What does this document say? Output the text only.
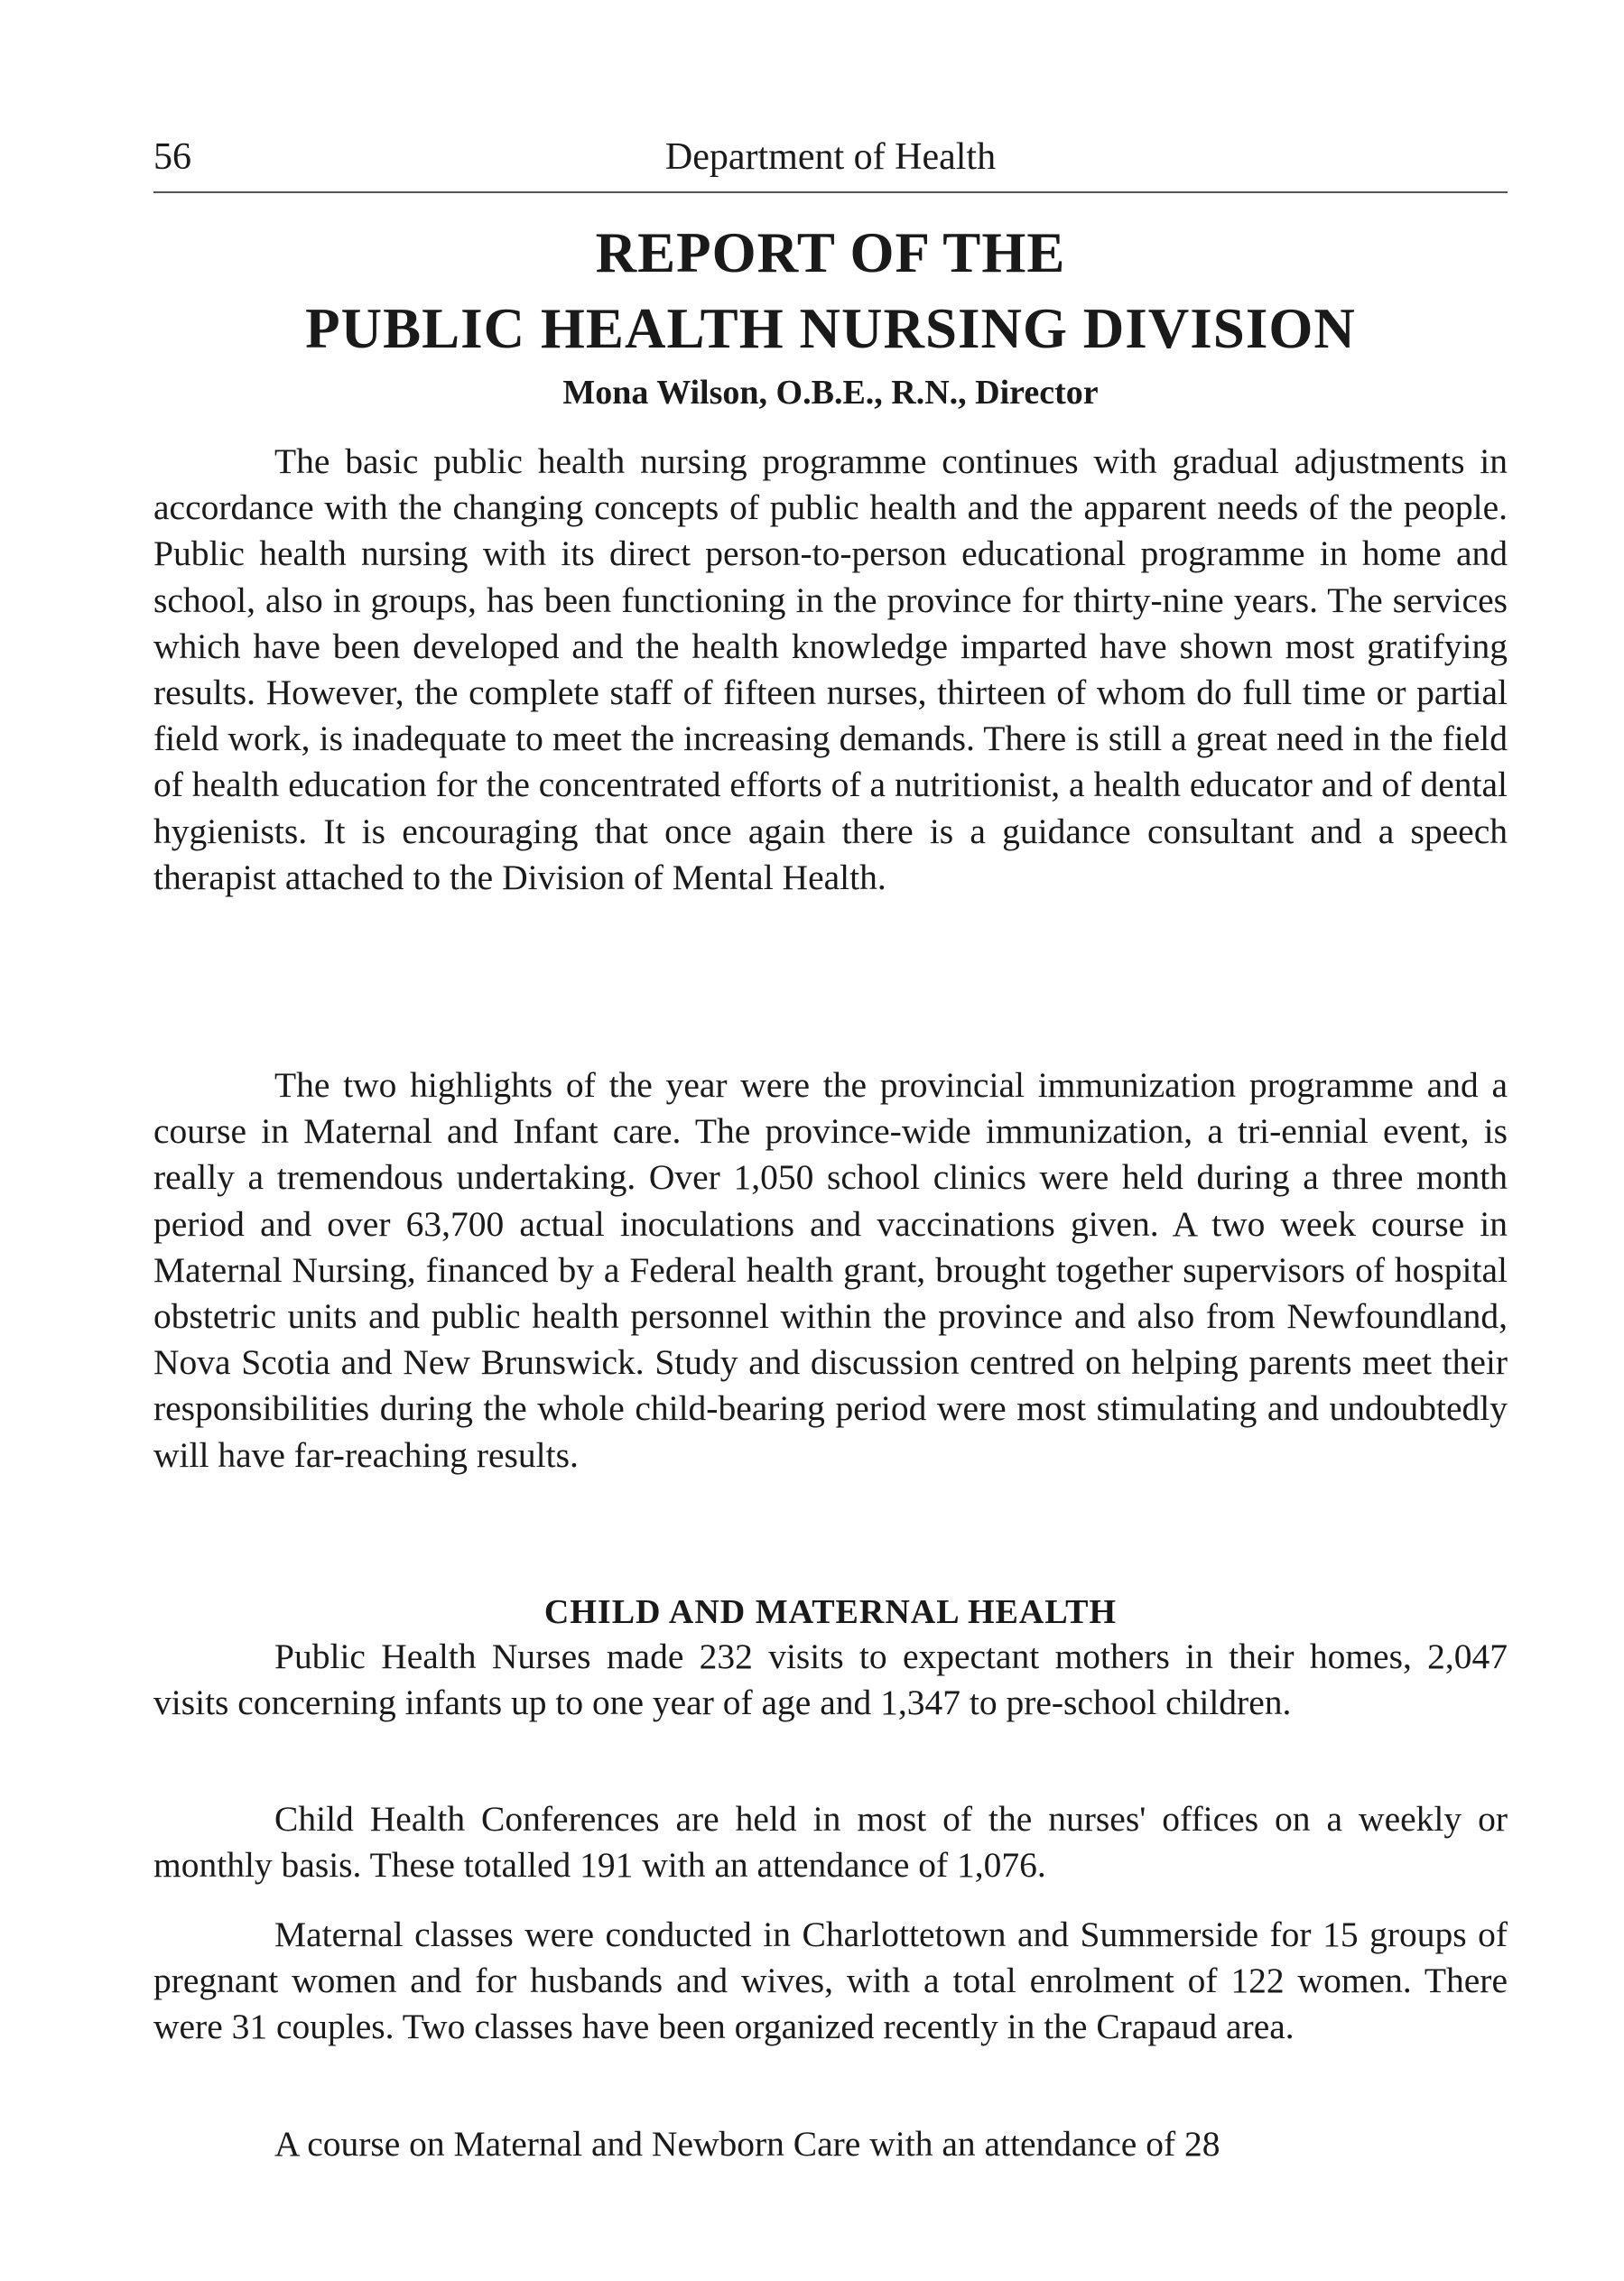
56	Department of Health
REPORT OF THE
PUBLIC HEALTH NURSING DIVISION
Mona Wilson, O.B.E., R.N., Director

The basic public health nursing programme continues with gradual adjustments in accordance with the changing concepts of public health and the apparent needs of the people. Public health nursing with its direct person-to-person educational programme in home and school, also in groups, has been functioning in the province for thirty-nine years. The services which have been developed and the health knowledge imparted have shown most gratifying results. However, the complete staff of fifteen nurses, thirteen of whom do full time or partial field work, is inadequate to meet the increasing demands. There is still a great need in the field of health education for the concentrated efforts of a nutritionist, a health educator and of dental hygienists. It is encouraging that once again there is a guidance consultant and a speech therapist attached to the Division of Mental Health.

The two highlights of the year were the provincial immunization programme and a course in Maternal and Infant care. The province-wide immunization, a tri-ennial event, is really a tremendous undertaking. Over 1,050 school clinics were held during a three month period and over 63,700 actual inoculations and vaccinations given. A two week course in Maternal Nursing, financed by a Federal health grant, brought together supervisors of hospital obstetric units and public health personnel within the province and also from Newfoundland, Nova Scotia and New Brunswick. Study and discussion centred on helping parents meet their responsibilities during the whole child-bearing period were most stimulating and undoubtedly will have far-reaching results.

CHILD AND MATERNAL HEALTH

Public Health Nurses made 232 visits to expectant mothers in their homes, 2,047 visits concerning infants up to one year of age and 1,347 to pre-school children.

Child Health Conferences are held in most of the nurses' offices on a weekly or monthly basis. These totalled 191 with an attendance of 1,076.

Maternal classes were conducted in Charlottetown and Summerside for 15 groups of pregnant women and for husbands and wives, with a total enrolment of 122 women. There were 31 couples. Two classes have been organized recently in the Crapaud area.

A course on Maternal and Newborn Care with an attendance of 28
